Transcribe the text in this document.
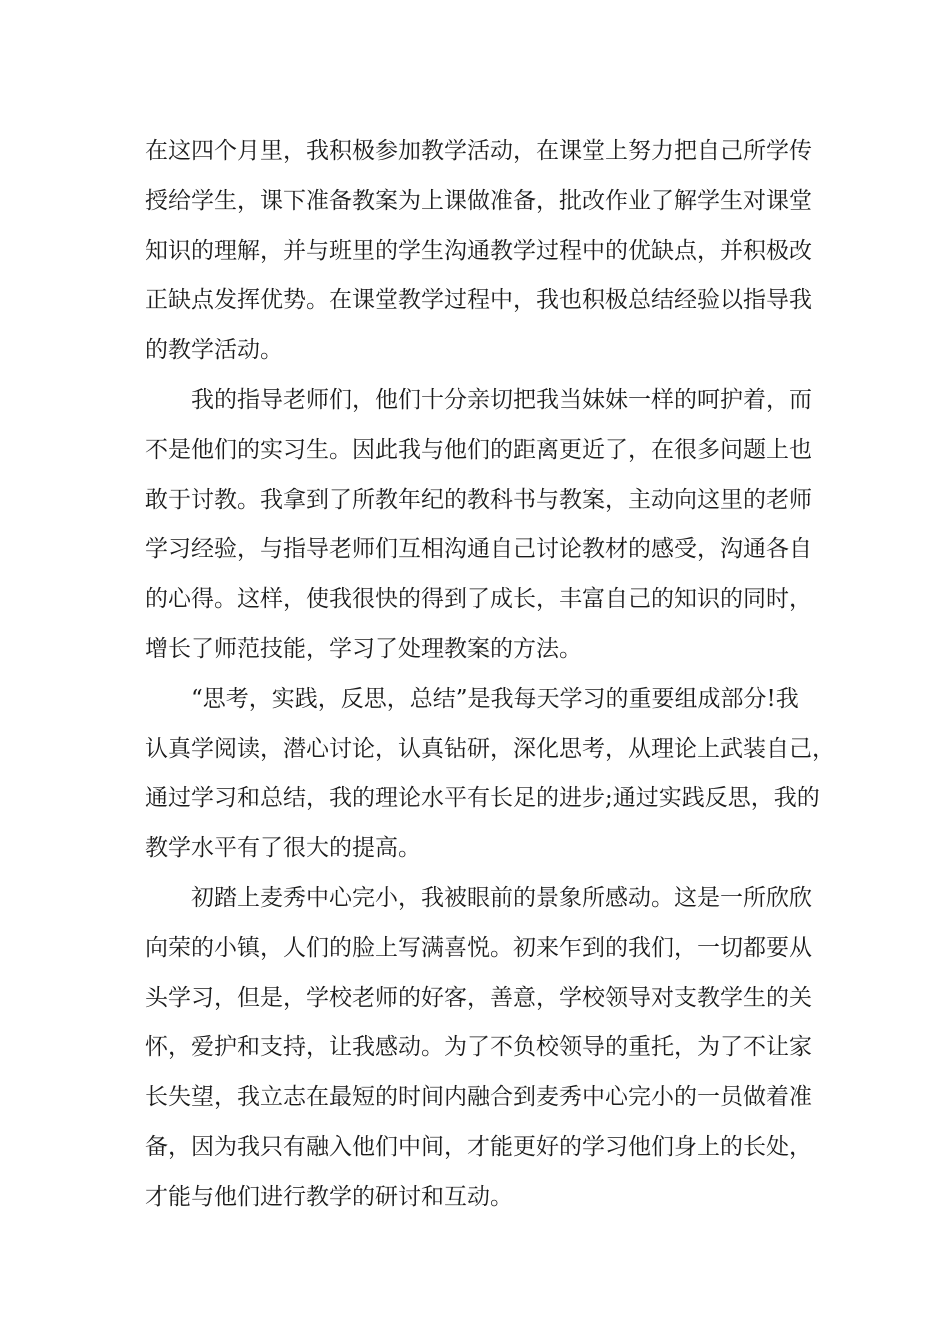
在这四个月里，我积极参加教学活动，在课堂上努力把自己所学传
授给学生，课下准备教案为上课做准备，批改作业了解学生对课堂
知识的理解，并与班里的学生沟通教学过程中的优缺点，并积极改
正缺点发挥优势。在课堂教学过程中，我也积极总结经验以指导我
的教学活动。
我的指导老师们，他们十分亲切把我当妹妹一样的呵护着，而
不是他们的实习生。因此我与他们的距离更近了，在很多问题上也
敢于讨教。我拿到了所教年纪的教科书与教案，主动向这里的老师
学习经验，与指导老师们互相沟通自己讨论教材的感受，沟通各自
的心得。这样，使我很快的得到了成长，丰富自己的知识的同时，
增长了师范技能，学习了处理教案的方法。
“思考，实践，反思，总结”是我每天学习的重要组成部分!我
认真学阅读，潜心讨论，认真钻研，深化思考，从理论上武装自己，
通过学习和总结，我的理论水平有长足的进步;通过实践反思，我的
教学水平有了很大的提高。
初踏上麦秀中心完小，我被眼前的景象所感动。这是一所欣欣
向荣的小镇，人们的脸上写满喜悦。初来乍到的我们，一切都要从
头学习，但是，学校老师的好客，善意，学校领导对支教学生的关
怀，爱护和支持，让我感动。为了不负校领导的重托，为了不让家
长失望，我立志在最短的时间内融合到麦秀中心完小的一员做着准
备，因为我只有融入他们中间，才能更好的学习他们身上的长处，
才能与他们进行教学的研讨和互动。
